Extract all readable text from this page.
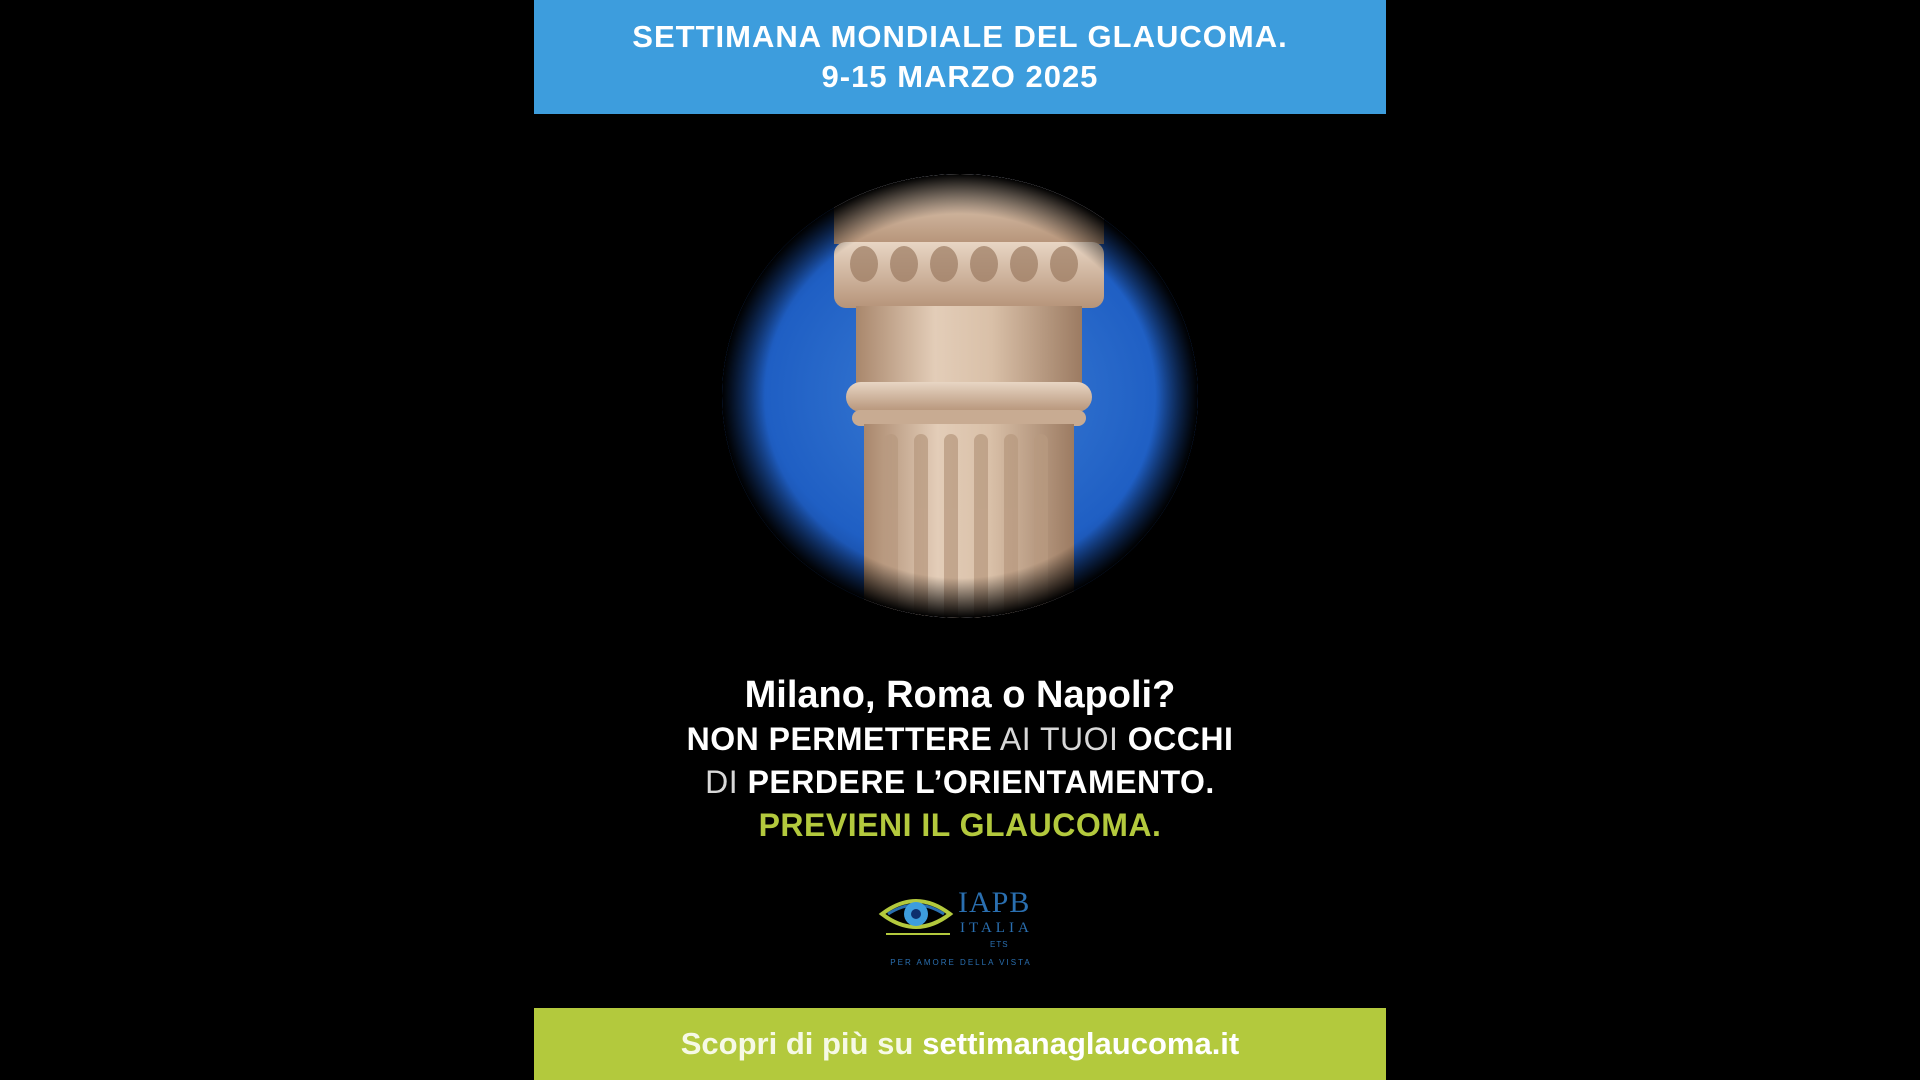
SETTIMANA MONDIALE DEL GLAUCOMA.
9-15 MARZO 2025
Milano, Roma o Napoli?
NON PERMETTERE AI TUOI OCCHI
DI PERDERE L’ORIENTAMENTO.
PREVIENI IL GLAUCOMA.
IAPB
ITALIA
ETS
PER AMORE DELLA VISTA
Scopri di più su settimanaglaucoma.it
